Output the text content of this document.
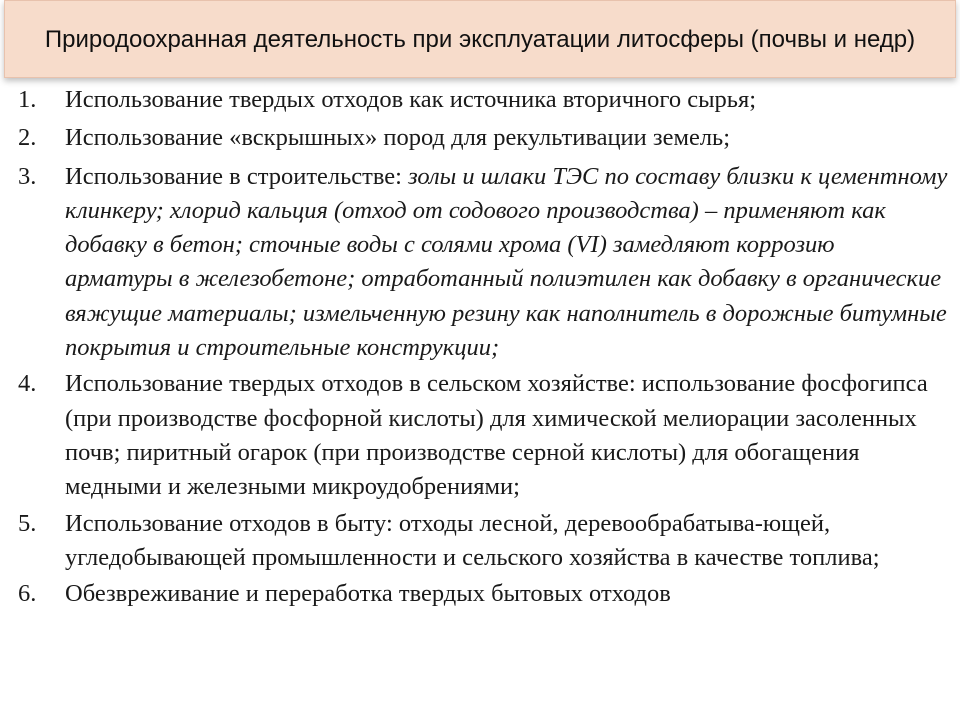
Природоохранная деятельность при эксплуатации литосферы (почвы и недр)
1. Использование твердых отходов как источника вторичного сырья;
2. Использование «вскрышных» пород для рекультивации земель;
3. Использование в строительстве: золы и шлаки ТЭС по составу близки к цементному клинкеру; хлорид кальция (отход от содового производства) – применяют как добавку в бетон; сточные воды с солями хрома (VI) замедляют коррозию арматуры в железобетоне; отработанный полиэтилен как добавку в органические вяжущие материалы; измельченную резину как наполнитель в дорожные битумные покрытия и строительные конструкции;
4. Использование твердых отходов в сельском хозяйстве: использование фосфогипса (при производстве фосфорной кислоты) для химической мелиорации засоленных почв; пиритный огарок (при производстве серной кислоты) для обогащения медными и железными микроудобрениями;
5. Использование отходов в быту: отходы лесной, деревообрабатыва-ющей, угледобывающей промышленности и сельского хозяйства в качестве топлива;
6. Обезвреживание и переработка твердых бытовых отходов
